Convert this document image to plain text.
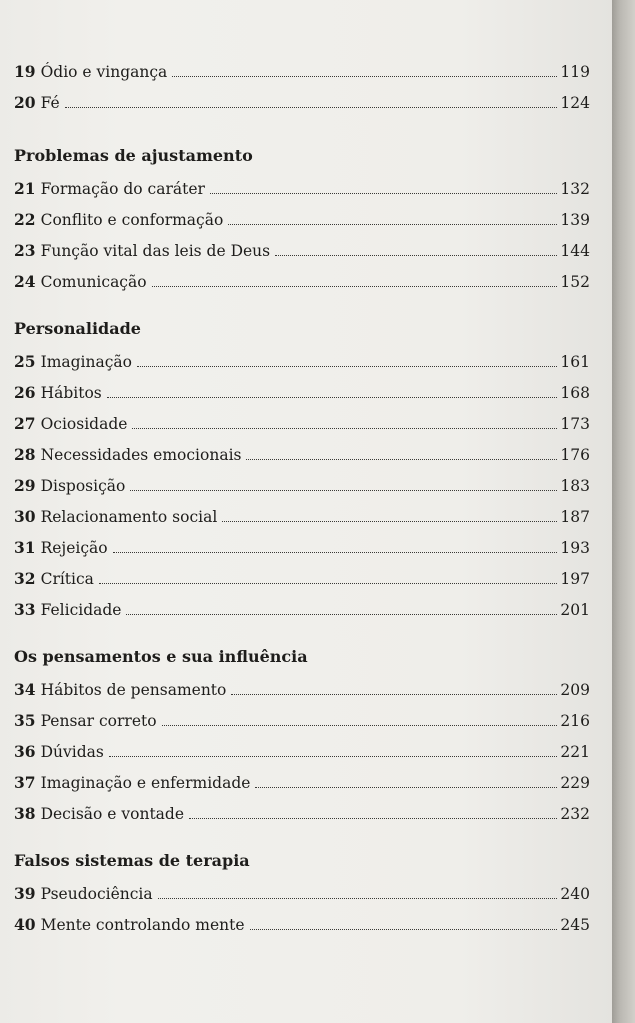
19 Ódio e vingança	119
20 Fé	124
Problemas de ajustamento
21 Formação do caráter	132
22 Conflito e conformação	139
23 Função vital das leis de Deus	144
24 Comunicação	152
Personalidade
25 Imaginação	161
26 Hábitos	168
27 Ociosidade	173
28 Necessidades emocionais	176
29 Disposição	183
30 Relacionamento social	187
31 Rejeição	193
32 Crítica	197
33 Felicidade	201
Os pensamentos e sua influência
34 Hábitos de pensamento	209
35 Pensar correto	216
36 Dúvidas	221
37 Imaginação e enfermidade	229
38 Decisão e vontade	232
Falsos sistemas de terapia
39 Pseudociência	240
40 Mente controlando mente	245
